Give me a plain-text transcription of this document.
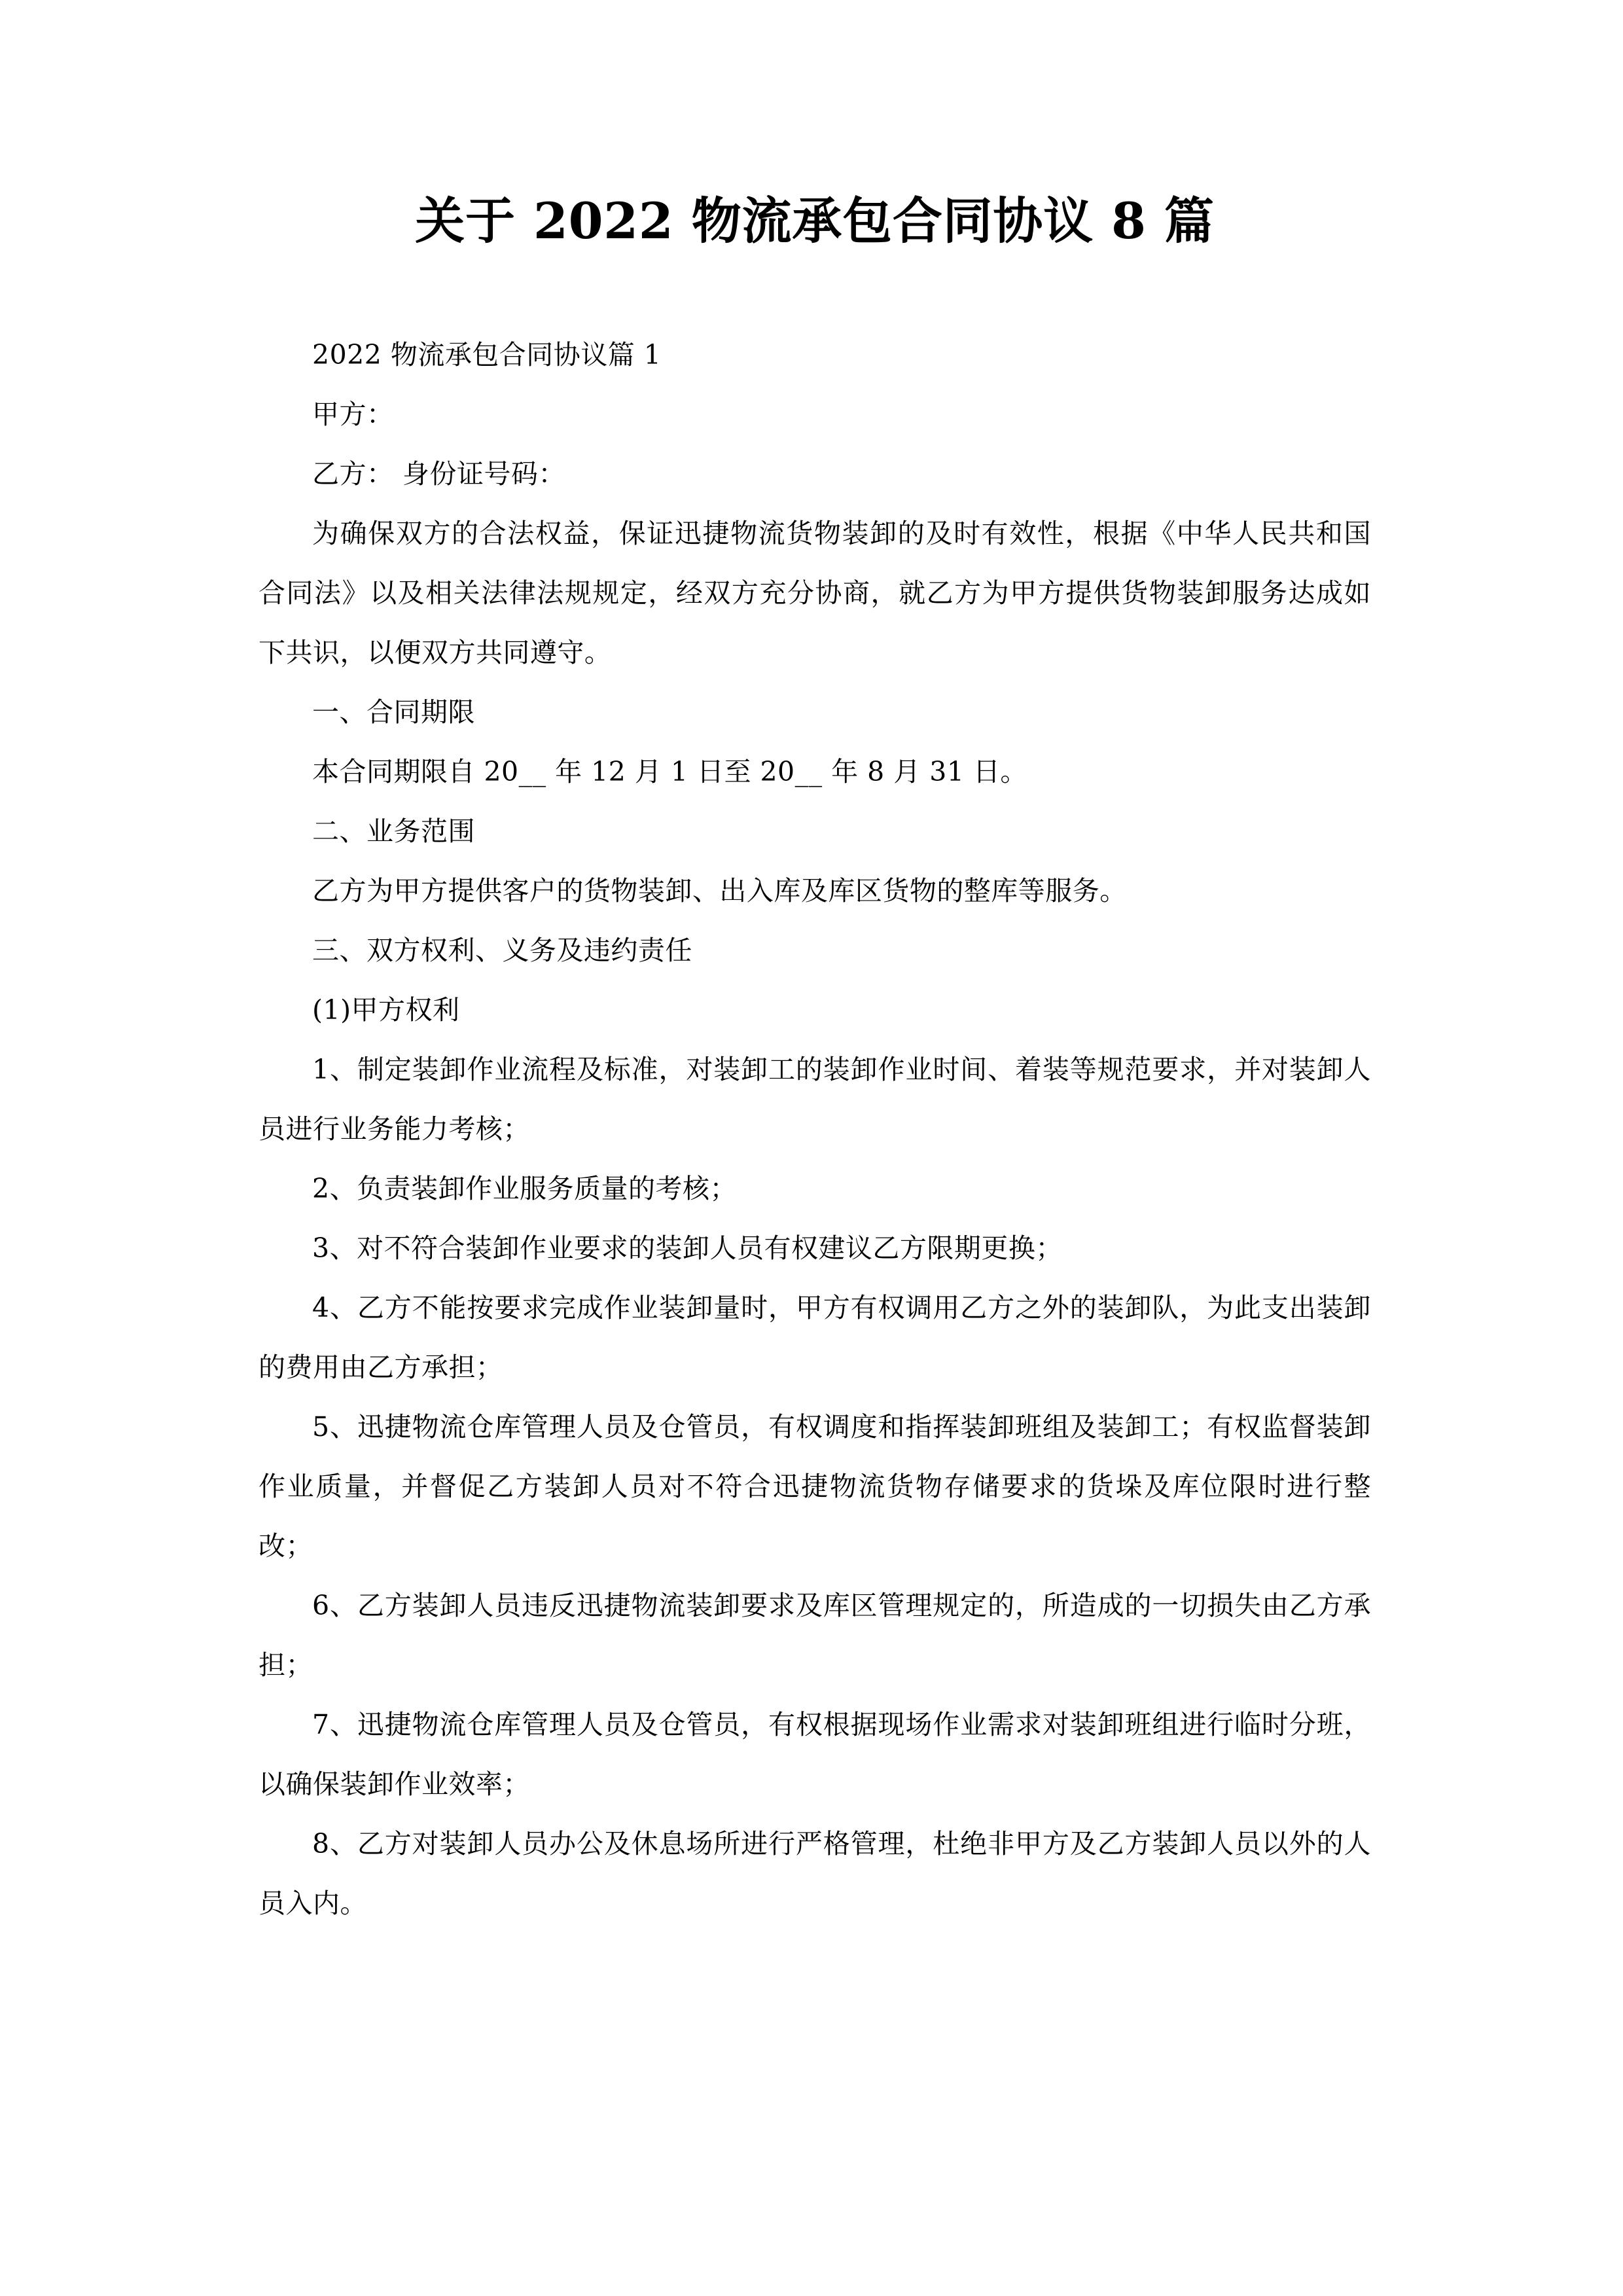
关于 2022 物流承包合同协议 8 篇

2022 物流承包合同协议篇 1

甲方：

乙方： 身份证号码：

为确保双方的合法权益，保证迅捷物流货物装卸的及时有效性，根据《中华人民共和国合同法》以及相关法律法规规定，经双方充分协商，就乙方为甲方提供货物装卸服务达成如下共识，以便双方共同遵守。

一、合同期限

本合同期限自 20__ 年 12 月 1 日至 20__ 年 8 月 31 日。

二、业务范围

乙方为甲方提供客户的货物装卸、出入库及库区货物的整库等服务。

三、双方权利、义务及违约责任

(1)甲方权利

1、制定装卸作业流程及标准，对装卸工的装卸作业时间、着装等规范要求，并对装卸人员进行业务能力考核；

2、负责装卸作业服务质量的考核；

3、对不符合装卸作业要求的装卸人员有权建议乙方限期更换；

4、乙方不能按要求完成作业装卸量时，甲方有权调用乙方之外的装卸队，为此支出装卸的费用由乙方承担；

5、迅捷物流仓库管理人员及仓管员，有权调度和指挥装卸班组及装卸工；有权监督装卸作业质量，并督促乙方装卸人员对不符合迅捷物流货物存储要求的货垛及库位限时进行整改；

6、乙方装卸人员违反迅捷物流装卸要求及库区管理规定的，所造成的一切损失由乙方承担；

7、迅捷物流仓库管理人员及仓管员，有权根据现场作业需求对装卸班组进行临时分班，以确保装卸作业效率；

8、乙方对装卸人员办公及休息场所进行严格管理，杜绝非甲方及乙方装卸人员以外的人员入内。
